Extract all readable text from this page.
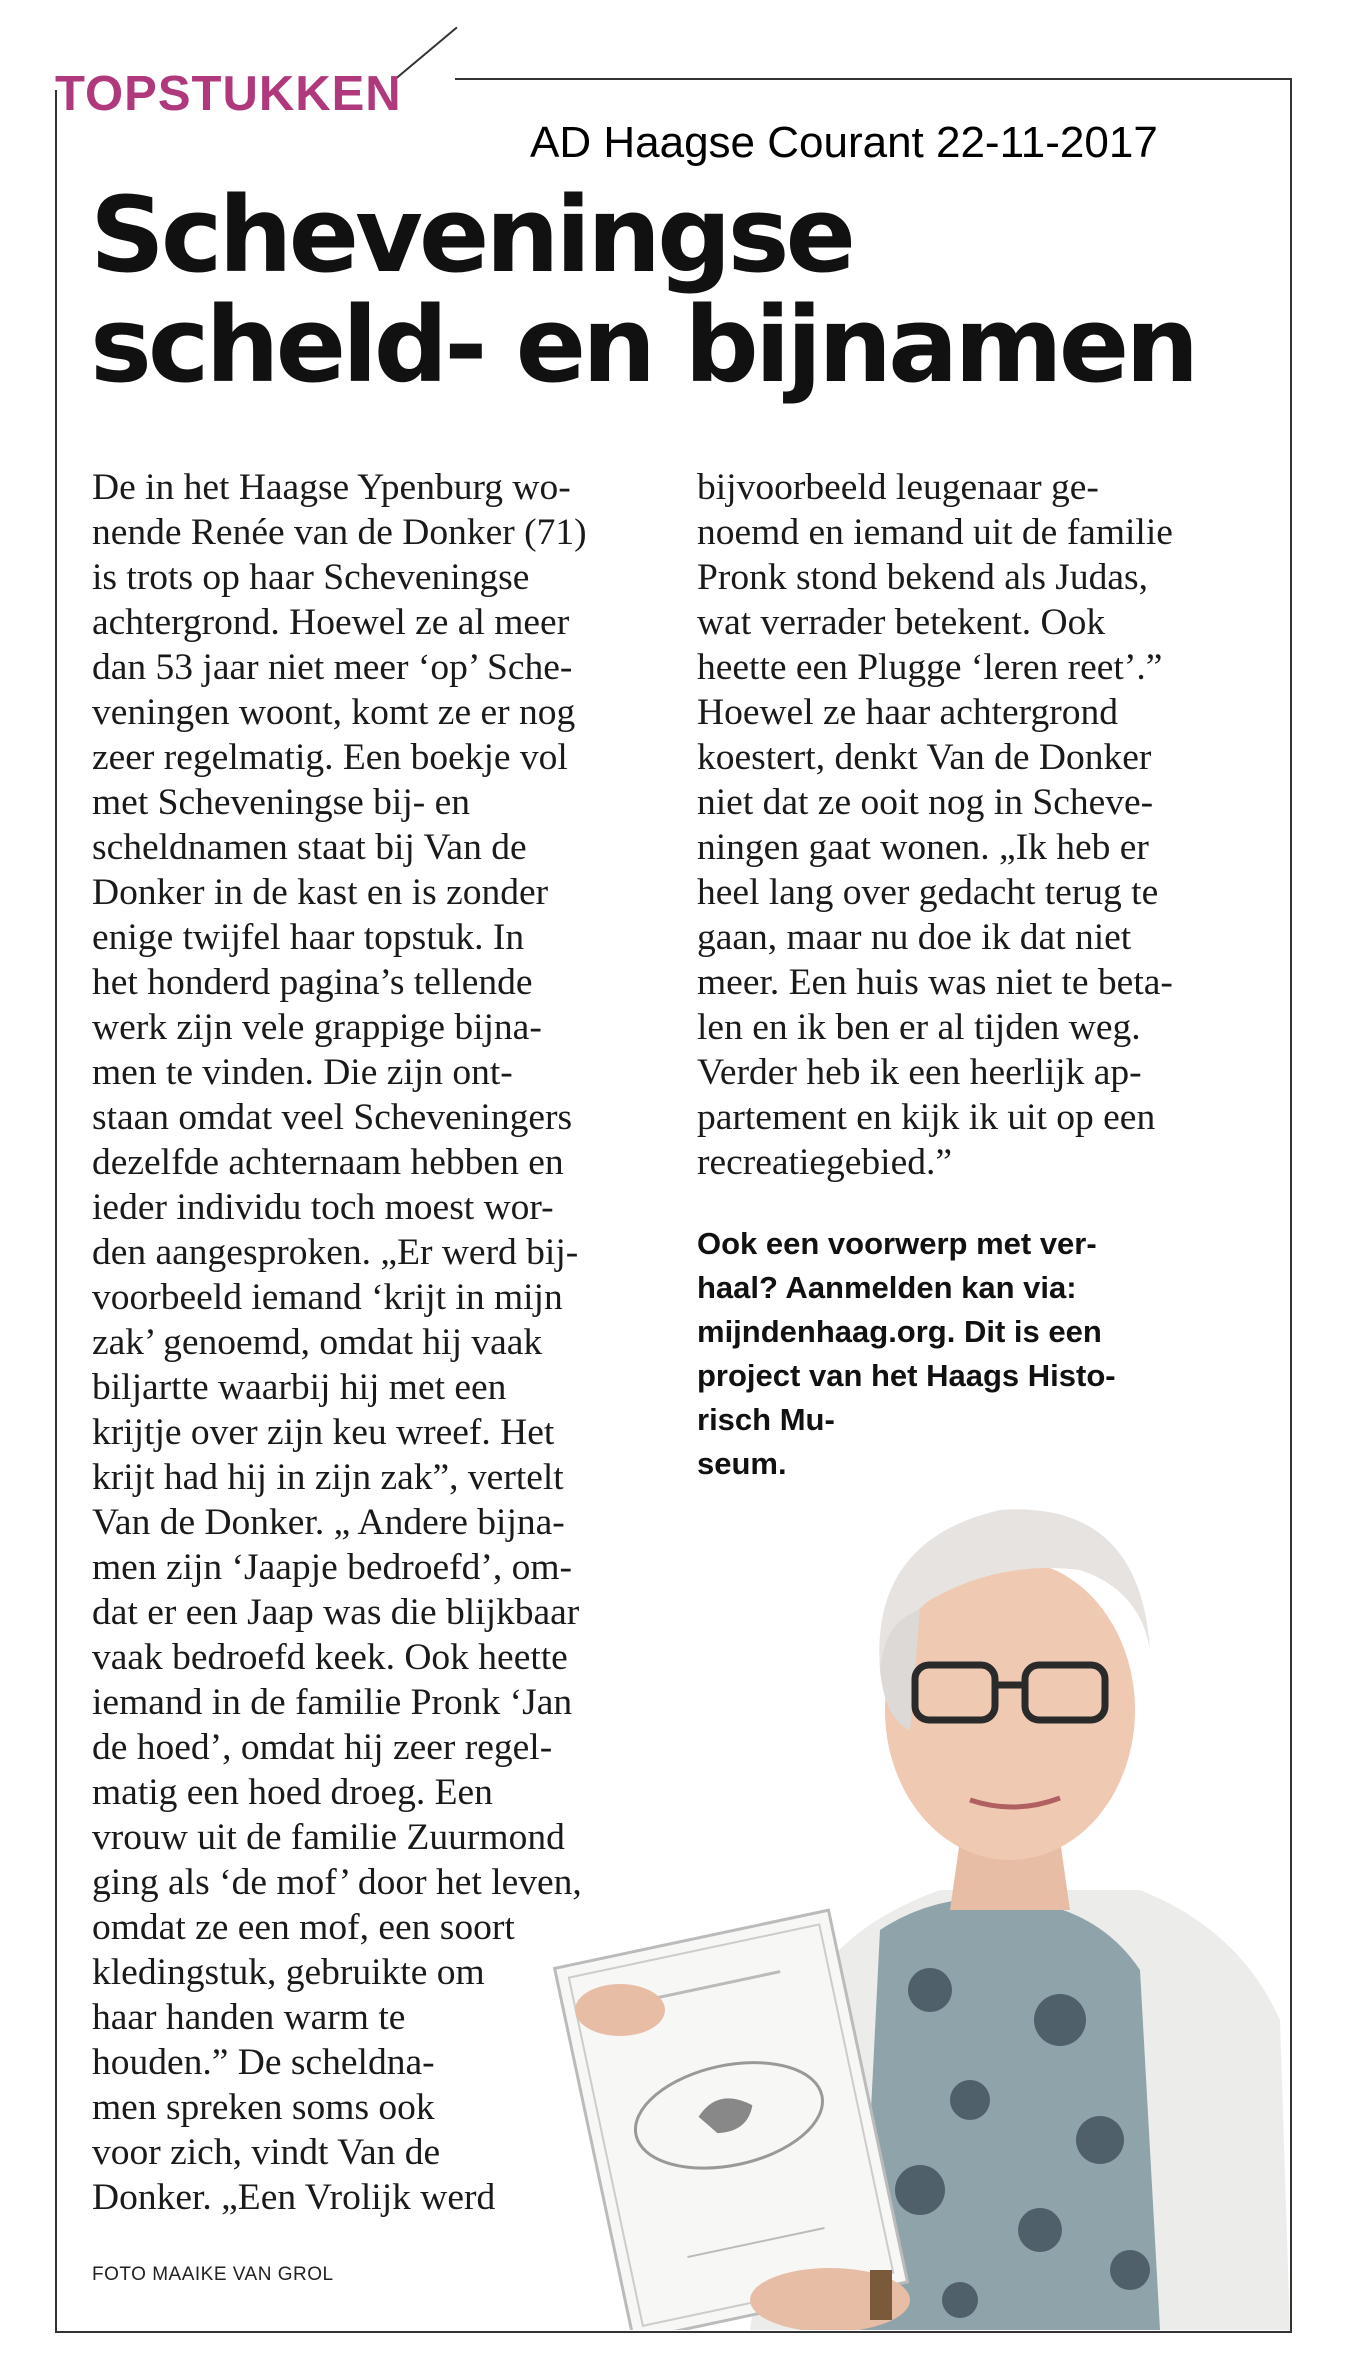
TOPSTUKKEN
AD Haagse Courant 22-11-2017
Scheveningse
scheld- en bijnamen
De in het Haagse Ypenburg wo-
nende Renée van de Donker (71)
is trots op haar Scheveningse
achtergrond. Hoewel ze al meer
dan 53 jaar niet meer ‘op’ Sche-
veningen woont, komt ze er nog
zeer regelmatig. Een boekje vol
met Scheveningse bij- en
scheldnamen staat bij Van de
Donker in de kast en is zonder
enige twijfel haar topstuk. In
het honderd pagina’s tellende
werk zijn vele grappige bijna-
men te vinden. Die zijn ont-
staan omdat veel Scheveningers
dezelfde achternaam hebben en
ieder individu toch moest wor-
den aangesproken. „Er werd bij-
voorbeeld iemand ‘krijt in mijn
zak’ genoemd, omdat hij vaak
biljartte waarbij hij met een
krijtje over zijn keu wreef. Het
krijt had hij in zijn zak”, vertelt
Van de Donker. „ Andere bijna-
men zijn ‘Jaapje bedroefd’, om-
dat er een Jaap was die blijkbaar
vaak bedroefd keek. Ook heette
iemand in de familie Pronk ‘Jan
de hoed’, omdat hij zeer regel-
matig een hoed droeg. Een
vrouw uit de familie Zuurmond
ging als ‘de mof’ door het leven,
omdat ze een mof, een soort
kledingstuk, gebruikte om
haar handen warm te
houden.” De scheldna-
men spreken soms ook
voor zich, vindt Van de
Donker. „Een Vrolijk werd
bijvoorbeeld leugenaar ge-
noemd en iemand uit de familie
Pronk stond bekend als Judas,
wat verrader betekent. Ook
heette een Plugge ‘leren reet’.”
Hoewel ze haar achtergrond
koestert, denkt Van de Donker
niet dat ze ooit nog in Scheve-
ningen gaat wonen. „Ik heb er
heel lang over gedacht terug te
gaan, maar nu doe ik dat niet
meer. Een huis was niet te beta-
len en ik ben er al tijden weg.
Verder heb ik een heerlijk ap-
partement en kijk ik uit op een
recreatiegebied.”
Ook een voorwerp met ver-
haal? Aanmelden kan via:
mijndenhaag.org. Dit is een
project van het Haags Histo-
risch Mu-
seum.
FOTO MAAIKE VAN GROL
